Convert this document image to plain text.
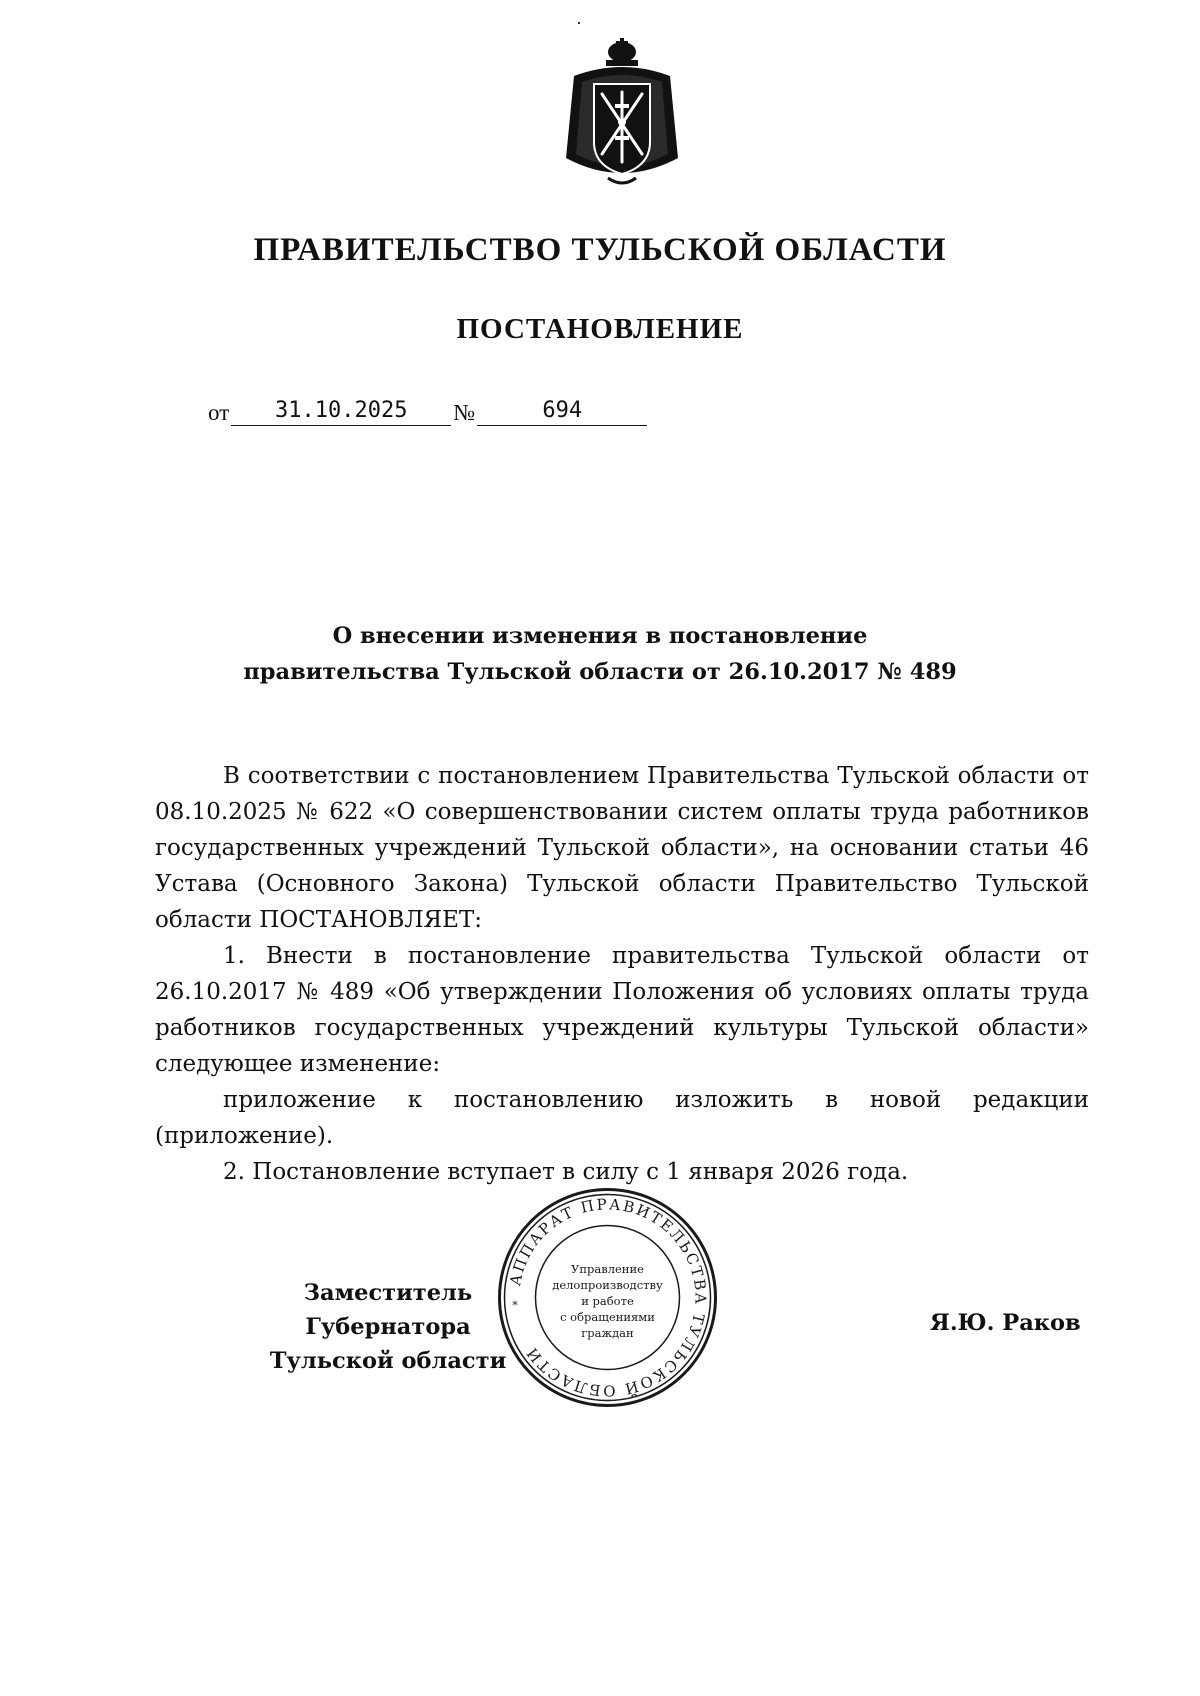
ПРАВИТЕЛЬСТВО ТУЛЬСКОЙ ОБЛАСТИ
ПОСТАНОВЛЕНИЕ
от	31.10.2025	№	694
О внесении изменения в постановление
правительства Тульской области от 26.10.2017 № 489

В соответствии с постановлением Правительства Тульской области от 08.10.2025 № 622 «О совершенствовании систем оплаты труда работников государственных учреждений Тульской области», на основании статьи 46 Устава (Основного Закона) Тульской области Правительство Тульской области ПОСТАНОВЛЯЕТ:

1. Внести в постановление правительства Тульской области от 26.10.2017 № 489 «Об утверждении Положения об условиях оплаты труда работников государственных учреждений культуры Тульской области» следующее изменение:

приложение к постановлению изложить в новой редакции (приложение).

2. Постановление вступает в силу с 1 января 2026 года.

АППАРАТ ПРАВИТЕЛЬСТВА ТУЛЬСКОЙ ОБЛАСТИ
Управление
делопроизводству
и работе
с обращениями
граждан
*
Заместитель Губернатора
Тульской области
Я.Ю. Раков
